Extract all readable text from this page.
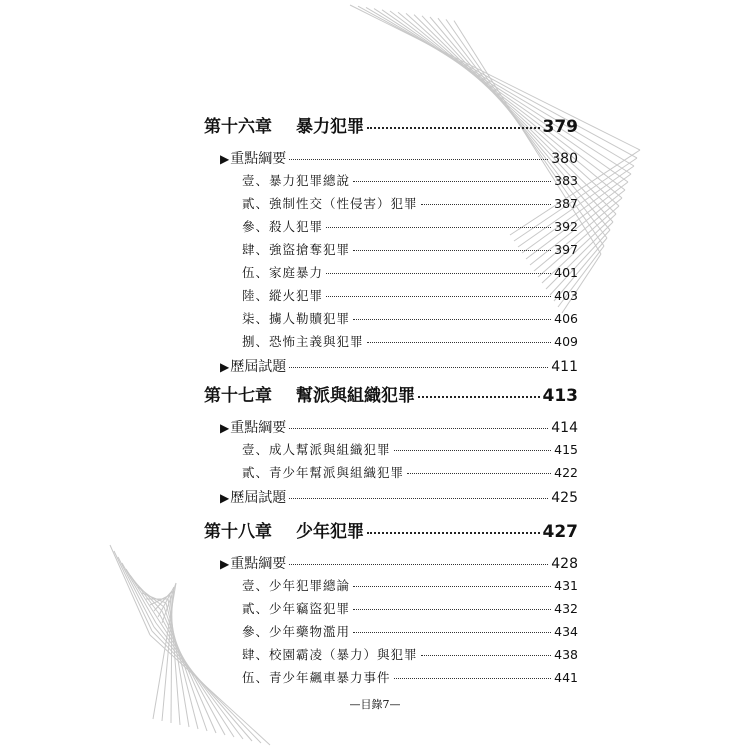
第十六章 暴力犯罪	379
▶ 重點綱要	380
壹、暴力犯罪總說	383
貳、強制性交（性侵害）犯罪	387
參、殺人犯罪	392
肆、強盜搶奪犯罪	397
伍、家庭暴力	401
陸、縱火犯罪	403
柒、擄人勒贖犯罪	406
捌、恐怖主義與犯罪	409
▶ 歷屆試題	411
第十七章 幫派與組織犯罪	413
▶ 重點綱要	414
壹、成人幫派與組織犯罪	415
貳、青少年幫派與組織犯罪	422
▶ 歷屆試題	425
第十八章 少年犯罪	427
▶ 重點綱要	428
壹、少年犯罪總論	431
貳、少年竊盜犯罪	432
參、少年藥物濫用	434
肆、校園霸凌（暴力）與犯罪	438
伍、青少年飆車暴力事件	441
—目錄7—
